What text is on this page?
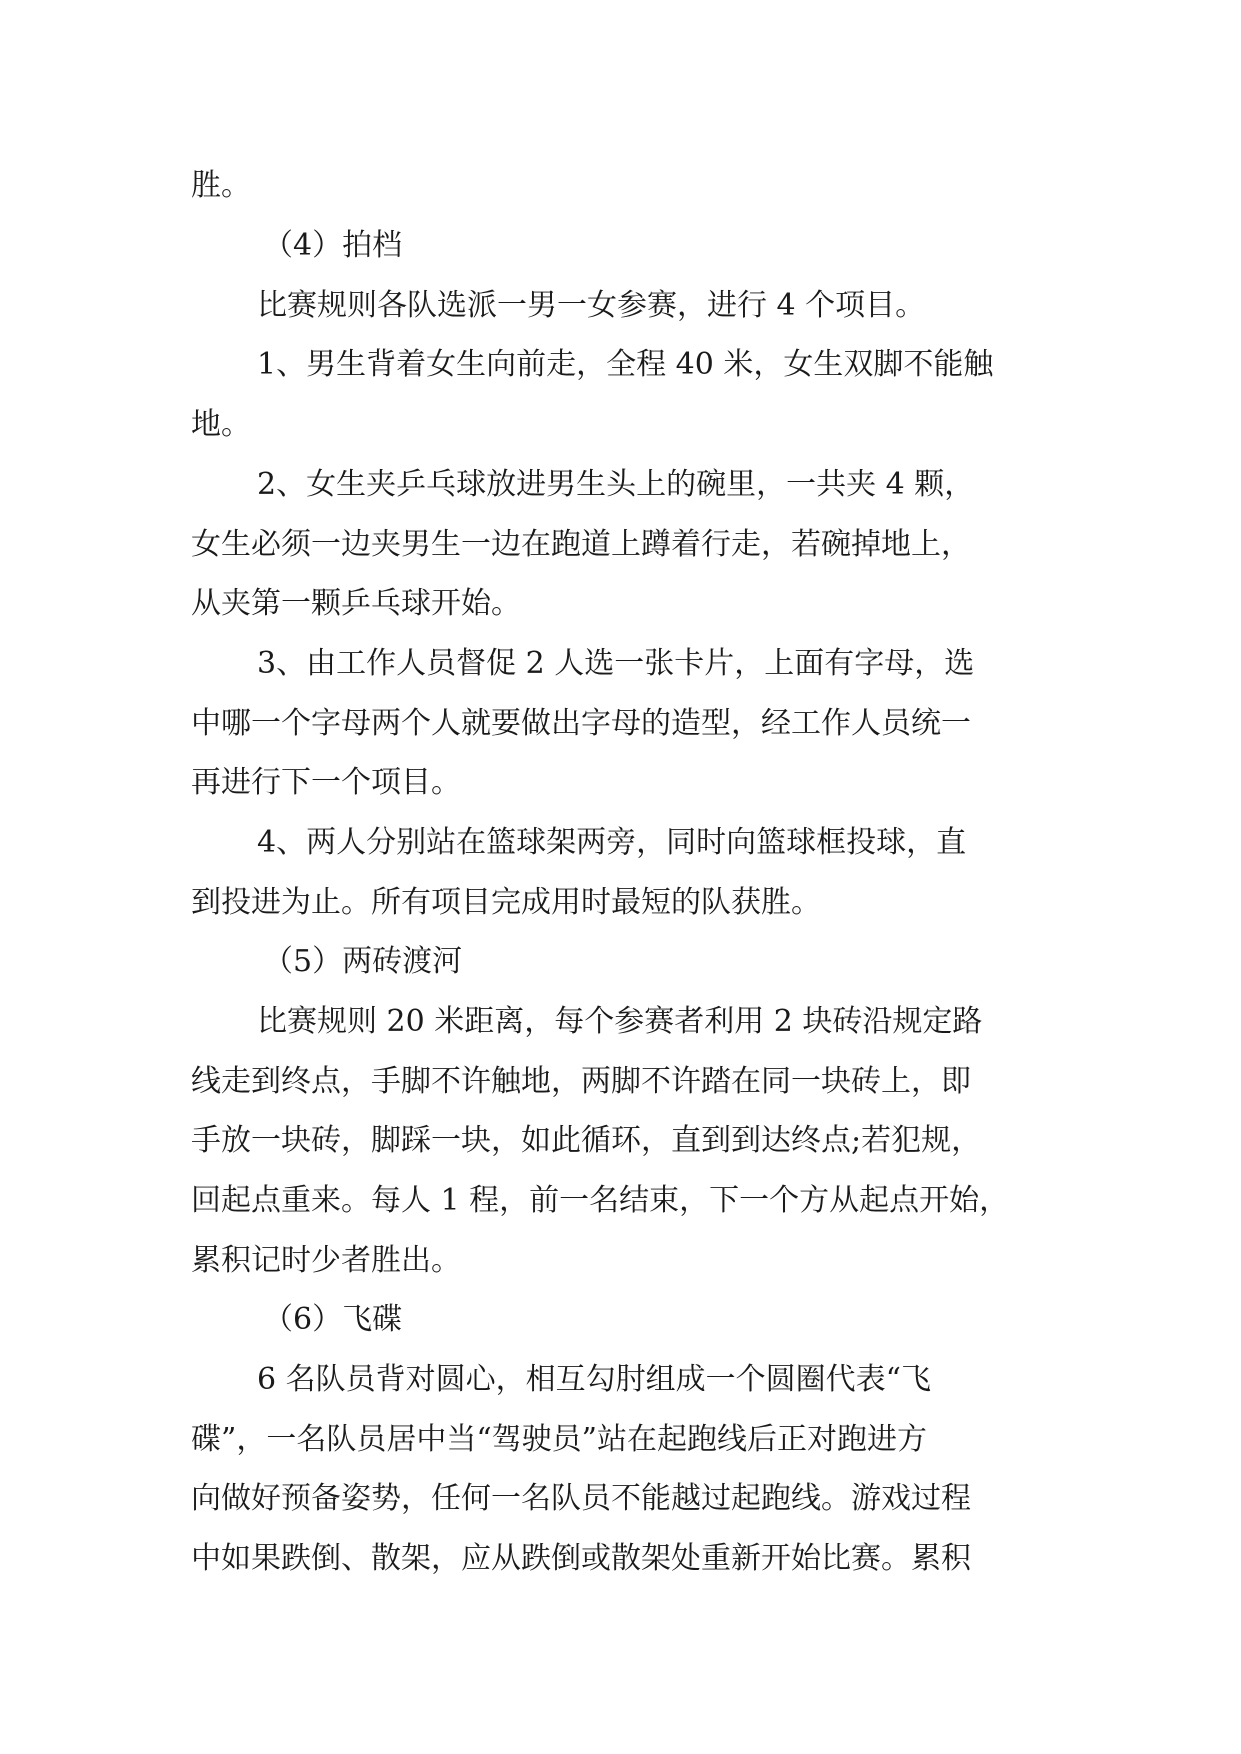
胜。
（4）拍档
比赛规则各队选派一男一女参赛，进行 4 个项目。
1、男生背着女生向前走，全程 40 米，女生双脚不能触
地。
2、女生夹乒乓球放进男生头上的碗里，一共夹 4 颗，
女生必须一边夹男生一边在跑道上蹲着行走，若碗掉地上，
从夹第一颗乒乓球开始。
3、由工作人员督促 2 人选一张卡片，上面有字母，选
中哪一个字母两个人就要做出字母的造型，经工作人员统一
再进行下一个项目。
4、两人分别站在篮球架两旁，同时向篮球框投球，直
到投进为止。所有项目完成用时最短的队获胜。
（5）两砖渡河
比赛规则 20 米距离，每个参赛者利用 2 块砖沿规定路
线走到终点，手脚不许触地，两脚不许踏在同一块砖上，即
手放一块砖，脚踩一块，如此循环，直到到达终点;若犯规，
回起点重来。每人 1 程，前一名结束，下一个方从起点开始，
累积记时少者胜出。
（6）飞碟
6 名队员背对圆心，相互勾肘组成一个圆圈代表“飞
碟”，一名队员居中当“驾驶员”站在起跑线后正对跑进方
向做好预备姿势，任何一名队员不能越过起跑线。游戏过程
中如果跌倒、散架，应从跌倒或散架处重新开始比赛。累积
